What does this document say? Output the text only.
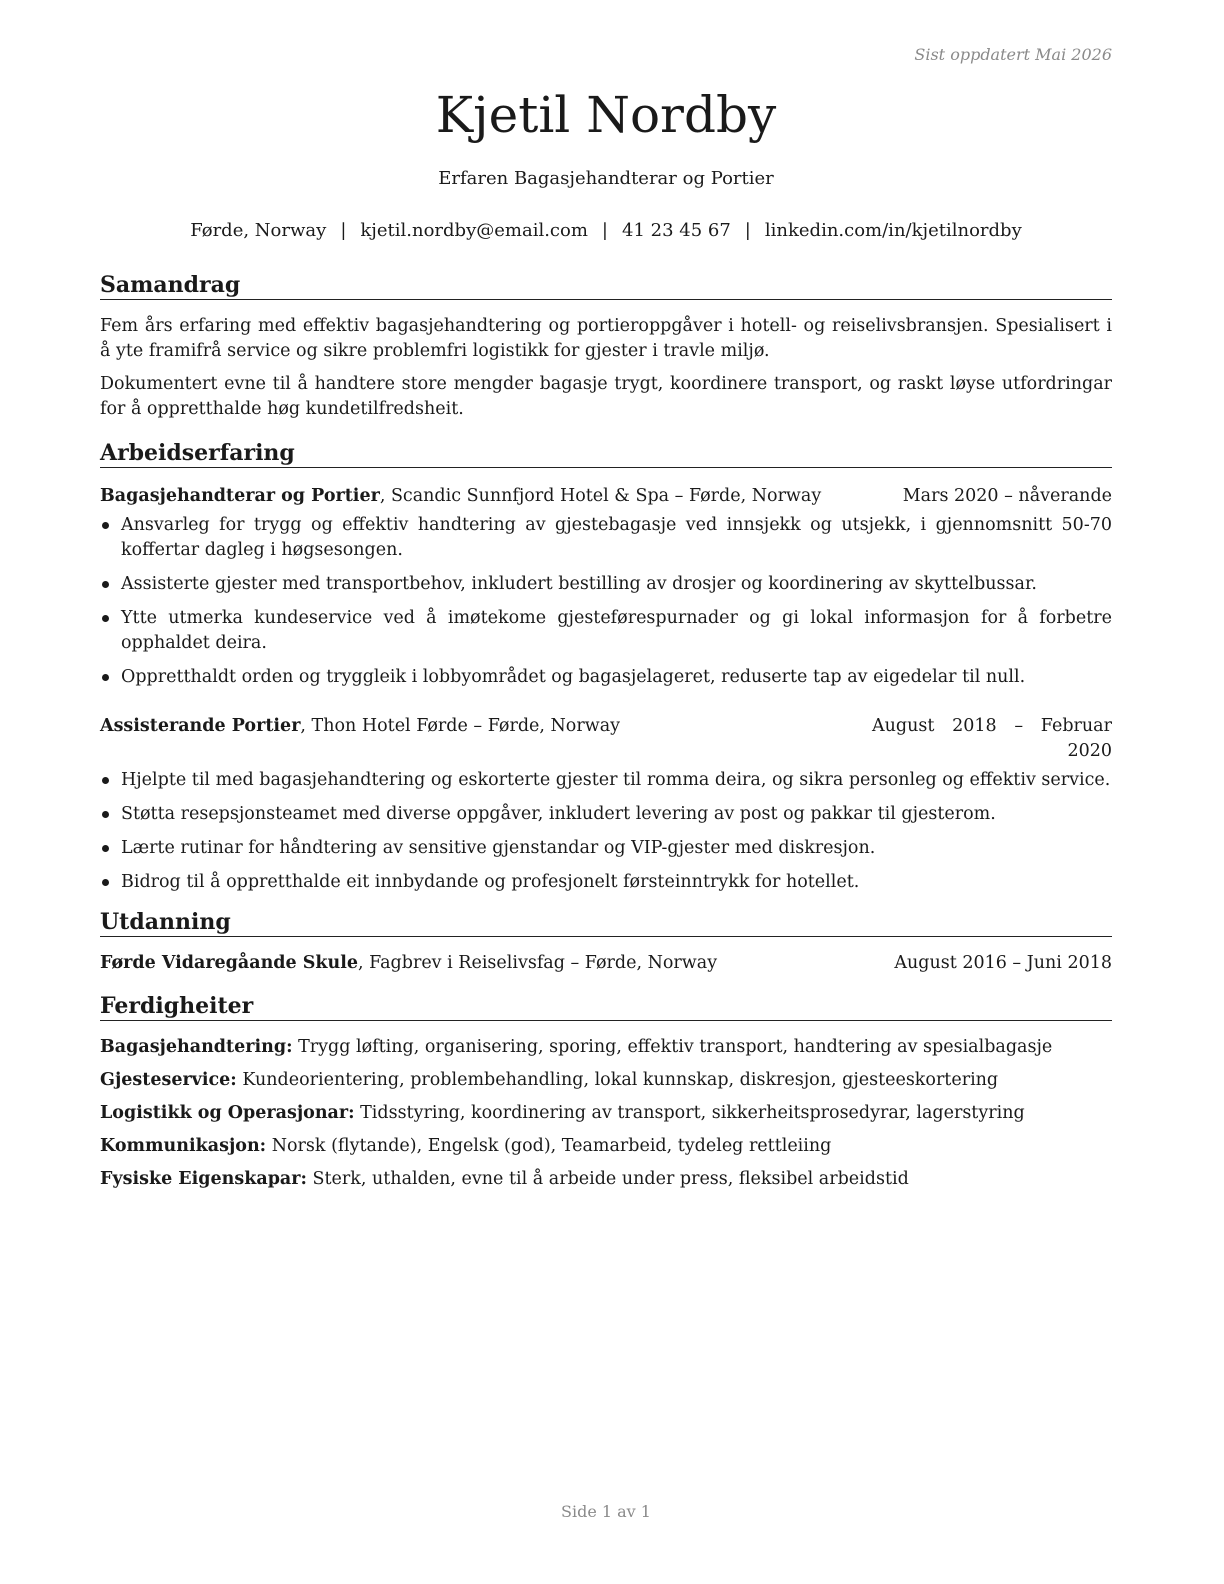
Sist oppdatert Mai 2026
Kjetil Nordby
Erfaren Bagasjehandterar og Portier
Førde, Norway | kjetil.nordby@email.com | 41 23 45 67 | linkedin.com/in/kjetilnordby
Samandrag

Fem års erfaring med effektiv bagasjehandtering og portieroppgåver i hotell- og reiselivsbransjen. Spesialisert i å yte framifrå service og sikre problemfri logistikk for gjester i travle miljø.

Dokumentert evne til å handtere store mengder bagasje trygt, koordinere transport, og raskt løyse utfordringar for å oppretthalde høg kundetilfredsheit.

Arbeidserfaring
Bagasjehandterar og Portier, Scandic Sunnfjord Hotel & Spa – Førde, Norway	Mars 2020 – nåverande
Ansvarleg for trygg og effektiv handtering av gjestebagasje ved innsjekk og utsjekk, i gjennomsnitt 50-70 koffertar dagleg i høgsesongen.
Assisterte gjester med transportbehov, inkludert bestilling av drosjer og koordinering av skyttelbussar.
Ytte utmerka kundeservice ved å imøtekome gjesteførespurnader og gi lokal informasjon for å forbetre opphaldet deira.
Oppretthaldt orden og tryggleik i lobbyområdet og bagasjelageret, reduserte tap av eigedelar til null.
Assisterande Portier, Thon Hotel Førde – Førde, Norway	August 2018 – Februar 2020
Hjelpte til med bagasjehandtering og eskorterte gjester til romma deira, og sikra personleg og effektiv service.
Støtta resepsjonsteamet med diverse oppgåver, inkludert levering av post og pakkar til gjesterom.
Lærte rutinar for håndtering av sensitive gjenstandar og VIP-gjester med diskresjon.
Bidrog til å oppretthalde eit innbydande og profesjonelt førsteinntrykk for hotellet.
Utdanning
Førde Vidaregåande Skule, Fagbrev i Reiselivsfag – Førde, Norway	August 2016 – Juni 2018
Ferdigheiter
Bagasjehandtering: Trygg løfting, organisering, sporing, effektiv transport, handtering av spesialbagasje
Gjesteservice: Kundeorientering, problembehandling, lokal kunnskap, diskresjon, gjesteeskortering
Logistikk og Operasjonar: Tidsstyring, koordinering av transport, sikkerheitsprosedyrar, lagerstyring
Kommunikasjon: Norsk (flytande), Engelsk (god), Teamarbeid, tydeleg rettleiing
Fysiske Eigenskapar: Sterk, uthalden, evne til å arbeide under press, fleksibel arbeidstid
Side 1 av 1
